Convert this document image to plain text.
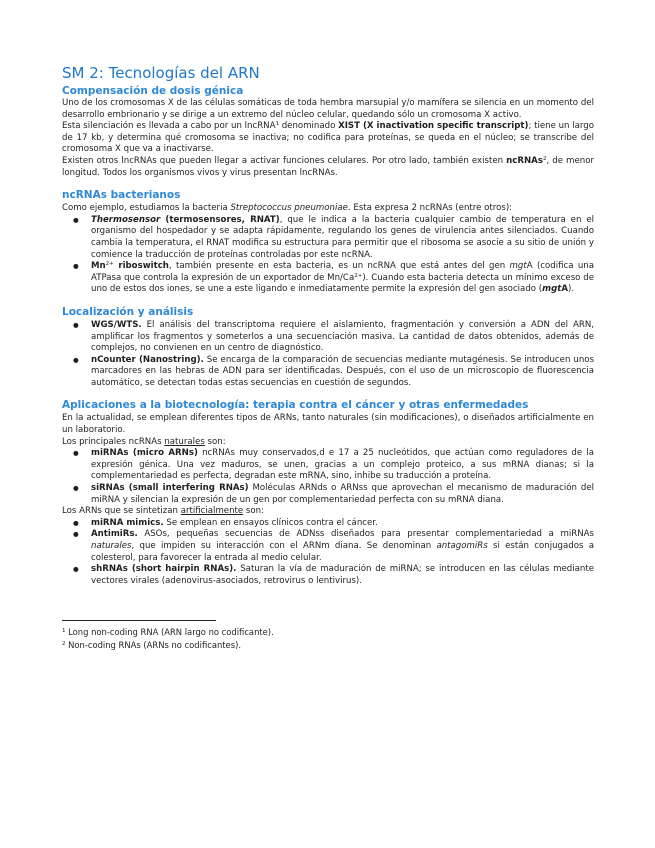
SM 2: Tecnologías del ARN
Compensación de dosis génica

Uno de los cromosomas X de las células somáticas de toda hembra marsupial y/o mamífera se silencia en un momento del desarrollo embrionario y se dirige a un extremo del núcleo celular, quedando sólo un cromosoma X activo.

Esta silenciación es llevada a cabo por un lncRNA$^1$ denominado XIST (X inactivation specific transcript); tiene un largo de 17 kb, y determina qué cromosoma se inactiva; no codifica para proteínas, se queda en el núcleo; se transcribe del cromosoma X que va a inactivarse.

Existen otros lncRNAs que pueden llegar a activar funciones celulares. Por otro lado, también existen ncRNAs$^2$, de menor longitud. Todos los organismos vivos y virus presentan lncRNAs.

ncRNAs bacterianos

Como ejemplo, estudiamos la bacteria Streptococcus pneumoniae. Esta expresa 2 ncRNAs (entre otros):

● Thermosensor (termosensores, RNAT), que le indica a la bacteria cualquier cambio de temperatura en el organismo del hospedador y se adapta rápidamente, regulando los genes de virulencia antes silenciados. Cuando cambia la temperatura, el RNAT modifica su estructura para permitir que el ribosoma se asocie a su sitio de unión y comience la traducción de proteínas controladas por este ncRNA.
● $Mn^{2+}$ riboswitch, también presente en esta bacteria, es un ncRNA que está antes del gen mgtA (codifica una ATPasa que controla la expresión de un exportador de $Mn/Ca^{2+}$). Cuando esta bacteria detecta un mínimo exceso de uno de estos dos iones, se une a este ligando e inmediatamente permite la expresión del gen asociado (mgtA).
Localización y análisis
● WGS/WTS. El análisis del transcriptoma requiere el aislamiento, fragmentación y conversión a ADN del ARN, amplificar los fragmentos y someterlos a una secuenciación masiva. La cantidad de datos obtenidos, además de complejos, no convienen en un centro de diagnóstico.
● nCounter (Nanostring). Se encarga de la comparación de secuencias mediante mutagénesis. Se introducen unos marcadores en las hebras de ADN para ser identificadas. Después, con el uso de un microscopio de fluorescencia automático, se detectan todas estas secuencias en cuestión de segundos.
Aplicaciones a la biotecnología: terapia contra el cáncer y otras enfermedades

En la actualidad, se emplean diferentes tipos de ARNs, tanto naturales (sin modificaciones), o diseñados artificialmente en un laboratorio.

Los principales ncRNAs naturales son:

● miRNAs (micro ARNs) ncRNAs muy conservados,d e 17 a 25 nucleótidos, que actúan como reguladores de la expresión génica. Una vez maduros, se unen, gracias a un complejo proteico, a sus mRNA dianas; si la complementariedad es perfecta, degradan este mRNA, sino, inhibe su traducción a proteína.
● siRNAs (small interfering RNAs) Moléculas ARNds o ARNss que aprovechan el mecanismo de maduración del miRNA y silencian la expresión de un gen por complementariedad perfecta con su mRNA diana.

Los ARNs que se sintetizan artificialmente son:

● miRNA mimics. Se emplean en ensayos clínicos contra el cáncer.
● AntimiRs. ASOs, pequeñas secuencias de ADNss diseñados para presentar complementariedad a miRNAs naturales, que impiden su interacción con el ARNm diana. Se denominan antagomiRs si están conjugados a colesterol, para favorecer la entrada al medio celular.
● shRNAs (short hairpin RNAs). Saturan la vía de maduración de miRNA; se introducen en las células mediante vectores virales (adenovirus-asociados, retrovirus o lentivirus).

$^1$ Long non-coding RNA (ARN largo no codificante).

$^2$ Non-coding RNAs (ARNs no codificantes).
